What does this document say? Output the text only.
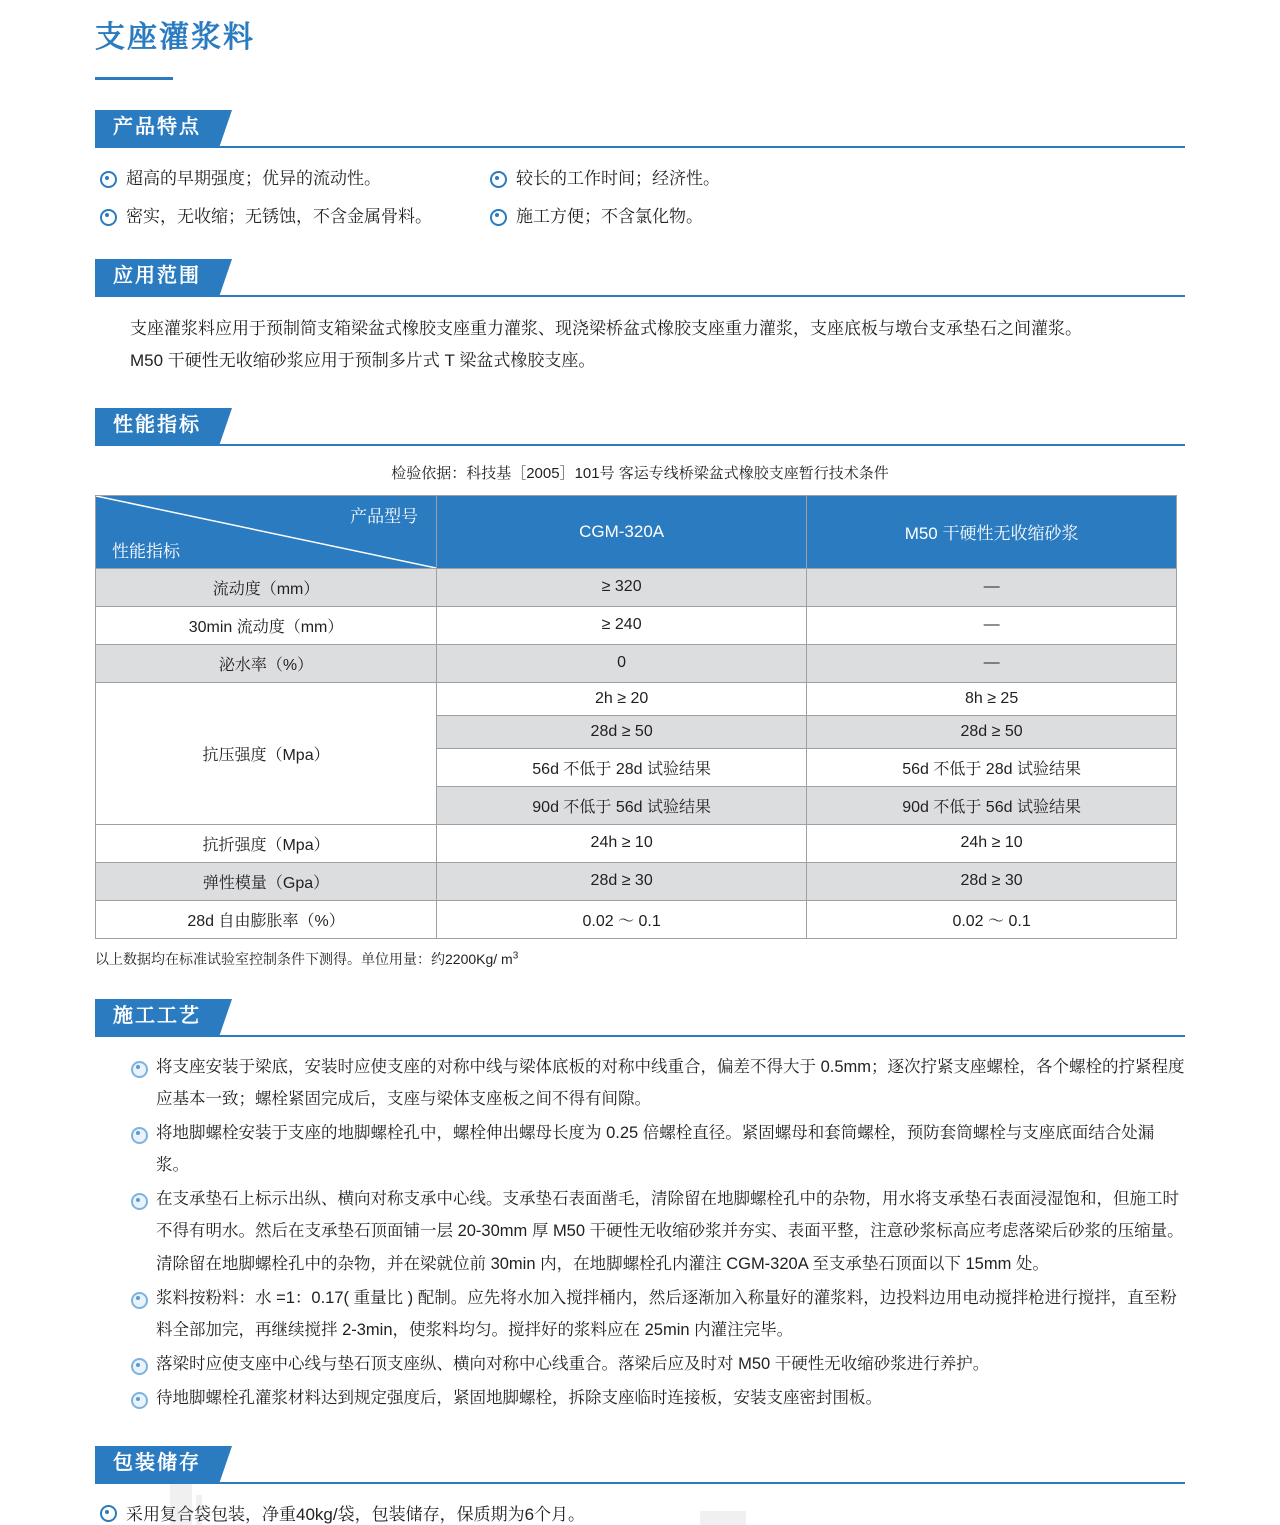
支座灌浆料
产品特点
超高的早期强度；优异的流动性。	较长的工作时间；经济性。
密实，无收缩；无锈蚀，不含金属骨料。	施工方便；不含氯化物。
应用范围

支座灌浆料应用于预制简支箱梁盆式橡胶支座重力灌浆、现浇梁桥盆式橡胶支座重力灌浆，支座底板与墩台支承垫石之间灌浆。

M50 干硬性无收缩砂浆应用于预制多片式 T 梁盆式橡胶支座。

性能指标
检验依据：科技基［2005］101号 客运专线桥梁盆式橡胶支座暂行技术条件
产品型号
性能指标	CGM-320A	M50 干硬性无收缩砂浆
流动度（mm）	≥ 320	—
30min 流动度（mm）	≥ 240	—
泌水率（%）	0	—
抗压强度（Mpa）	2h ≥ 20	8h ≥ 25
	28d ≥ 50	28d ≥ 50
	56d 不低于 28d 试验结果	56d 不低于 28d 试验结果
	90d 不低于 56d 试验结果	90d 不低于 56d 试验结果
抗折强度（Mpa）	24h ≥ 10	24h ≥ 10
弹性模量（Gpa）	28d ≥ 30	28d ≥ 30
28d 自由膨胀率（%）	0.02 ～ 0.1	0.02 ～ 0.1
以上数据均在标准试验室控制条件下测得。单位用量：约2200Kg/ $m^3$
施工工艺
将支座安装于梁底，安装时应使支座的对称中线与梁体底板的对称中线重合，偏差不得大于 0.5mm；逐次拧紧支座螺栓，各个螺栓的拧紧程度应基本一致；螺栓紧固完成后，支座与梁体支座板之间不得有间隙。
将地脚螺栓安装于支座的地脚螺栓孔中，螺栓伸出螺母长度为 0.25 倍螺栓直径。紧固螺母和套筒螺栓，预防套筒螺栓与支座底面结合处漏浆。
在支承垫石上标示出纵、横向对称支承中心线。支承垫石表面凿毛，清除留在地脚螺栓孔中的杂物，用水将支承垫石表面浸湿饱和，但施工时不得有明水。然后在支承垫石顶面铺一层 20-30mm 厚 M50 干硬性无收缩砂浆并夯实、表面平整，注意砂浆标高应考虑落梁后砂浆的压缩量。清除留在地脚螺栓孔中的杂物，并在梁就位前 30min 内，在地脚螺栓孔内灌注 CGM-320A 至支承垫石顶面以下 15mm 处。
浆料按粉料：水 =1：0.17( 重量比 ) 配制。应先将水加入搅拌桶内，然后逐渐加入称量好的灌浆料，边投料边用电动搅拌枪进行搅拌，直至粉料全部加完，再继续搅拌 2-3min，使浆料均匀。搅拌好的浆料应在 25min 内灌注完毕。
落梁时应使支座中心线与垫石顶支座纵、横向对称中心线重合。落梁后应及时对 M50 干硬性无收缩砂浆进行养护。
待地脚螺栓孔灌浆材料达到规定强度后，紧固地脚螺栓，拆除支座临时连接板，安装支座密封围板。
包装储存
采用复合袋包装，净重40kg/袋，包装储存，保质期为6个月。
